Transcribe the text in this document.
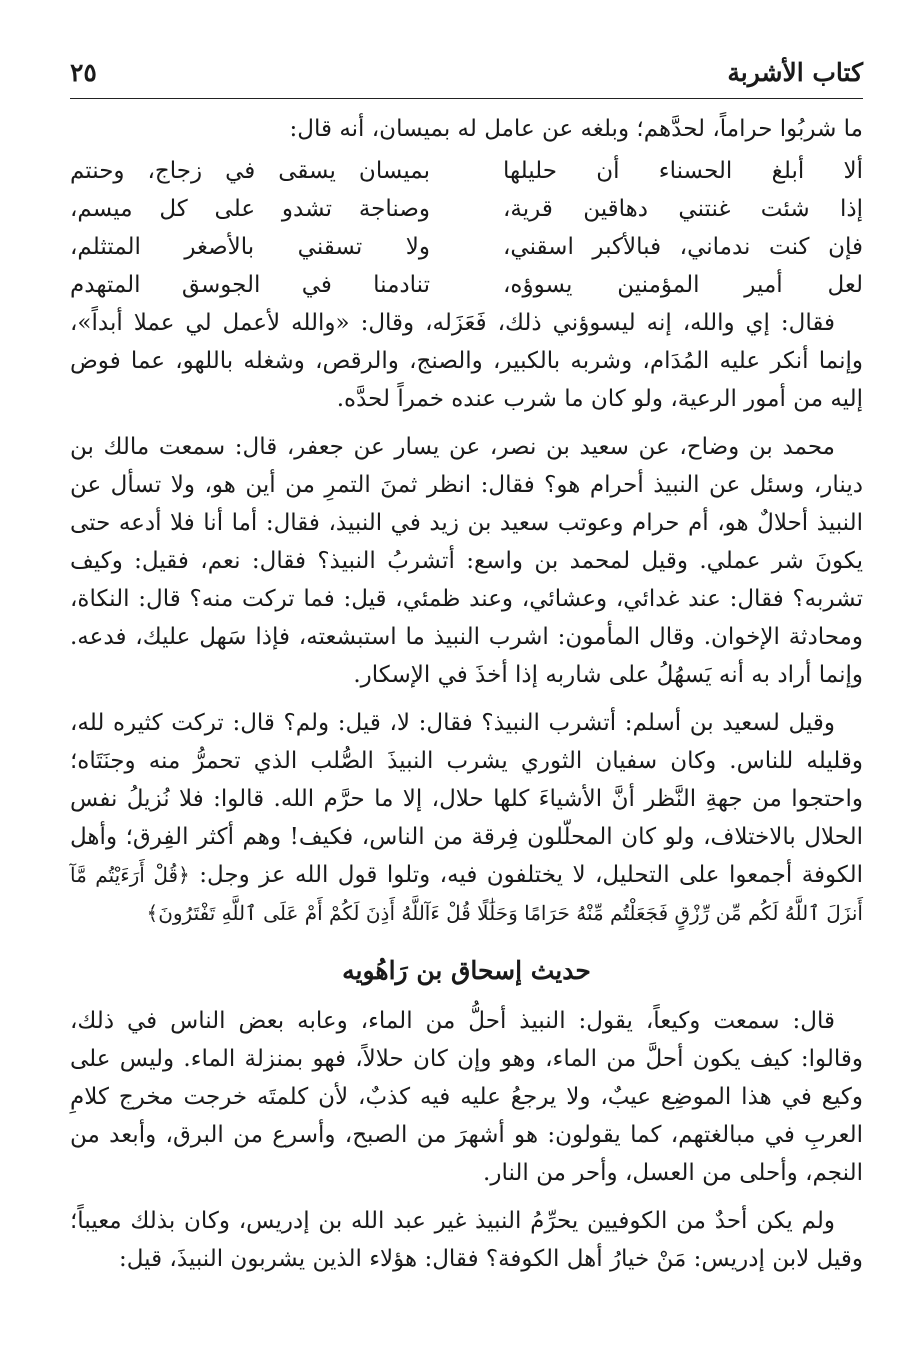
كتاب الأشربة
٢٥

ما شربُوا حراماً، لحدَّهم؛ وبلغه عن عامل له بميسان، أنه قال:

ألا أبلغ الحسناء أن حليلها
بميسان يسقى في زجاج، وحنتم
إذا شئت غنتني دهاقين قرية،
وصناجة تشدو على كل ميسم،
فإن كنت ندماني، فبالأكبر اسقني،
ولا تسقني بالأصغر المتثلم،
لعل أمير المؤمنين يسوؤه،
تنادمنا في الجوسق المتهدم

فقال: إي والله، إنه ليسوؤني ذلك، فَعَزَله، وقال: «والله لأعمل لي عملا أبداً»، وإنما أنكر عليه المُدَام، وشربه بالكبير، والصنج، والرقص، وشغله باللهو، عما فوض إليه من أمور الرعية، ولو كان ما شرب عنده خمراً لحدَّه.

محمد بن وضاح، عن سعيد بن نصر، عن يسار عن جعفر، قال: سمعت مالك بن دينار، وسئل عن النبيذ أحرام هو؟ فقال: انظر ثمنَ التمرِ من أين هو، ولا تسأل عن النبيذ أحلالٌ هو، أم حرام وعوتب سعيد بن زيد في النبيذ، فقال: أما أنا فلا أدعه حتى يكونَ شر عملي. وقيل لمحمد بن واسع: أتشربُ النبيذ؟ فقال: نعم، فقيل: وكيف تشربه؟ فقال: عند غدائي، وعشائي، وعند ظمئي، قيل: فما تركت منه؟ قال: النكاة، ومحادثة الإخوان. وقال المأمون: اشرب النبيذ ما استبشعته، فإذا سَهل عليك، فدعه. وإنما أراد به أنه يَسهُلُ على شاربه إذا أخذَ في الإسكار.

وقيل لسعيد بن أسلم: أتشرب النبيذ؟ فقال: لا، قيل: ولم؟ قال: تركت كثيره لله، وقليله للناس. وكان سفيان الثوري يشرب النبيذَ الصُّلب الذي تحمرُّ منه وجنَتَاه؛ واحتجوا من جهةِ النَّظر أنَّ الأشياءَ كلها حلال، إلا ما حرَّم الله. قالوا: فلا نُزيلُ نفس الحلال بالاختلاف، ولو كان المحلّلون فِرقة من الناس، فكيف! وهم أكثر الفِرق؛ وأهل الكوفة أجمعوا على التحليل، لا يختلفون فيه، وتلوا قول الله عز وجل: ﴿قُلْ أَرَءَيْتُم مَّآ أَنزَلَ ٱللَّهُ لَكُم مِّن رِّزْقٍ فَجَعَلْتُم مِّنْهُ حَرَامًا وَحَلَٰلًا قُلْ ءَآللَّهُ أَذِنَ لَكُمْ أَمْ عَلَى ٱللَّهِ تَفْتَرُونَ﴾

حديث إسحاق بن رَاهُويه

قال: سمعت وكيعاً، يقول: النبيذ أحلُّ من الماء، وعابه بعض الناس في ذلك، وقالوا: كيف يكون أحلَّ من الماء، وهو وإن كان حلالاً، فهو بمنزلة الماء. وليس على وكيع في هذا الموضِع عيبٌ، ولا يرجعُ عليه فيه كذبٌ، لأن كلمتَه خرجت مخرج كلامِ العربِ في مبالغتهم، كما يقولون: هو أشهرَ من الصبح، وأسرع من البرق، وأبعد من النجم، وأحلى من العسل، وأحر من النار.

ولم يكن أحدٌ من الكوفيين يحرِّمُ النبيذ غير عبد الله بن إدريس، وكان بذلك معيباً؛ وقيل لابن إدريس: مَنْ خيارُ أهل الكوفة؟ فقال: هؤلاء الذين يشربون النبيذَ، قيل:
